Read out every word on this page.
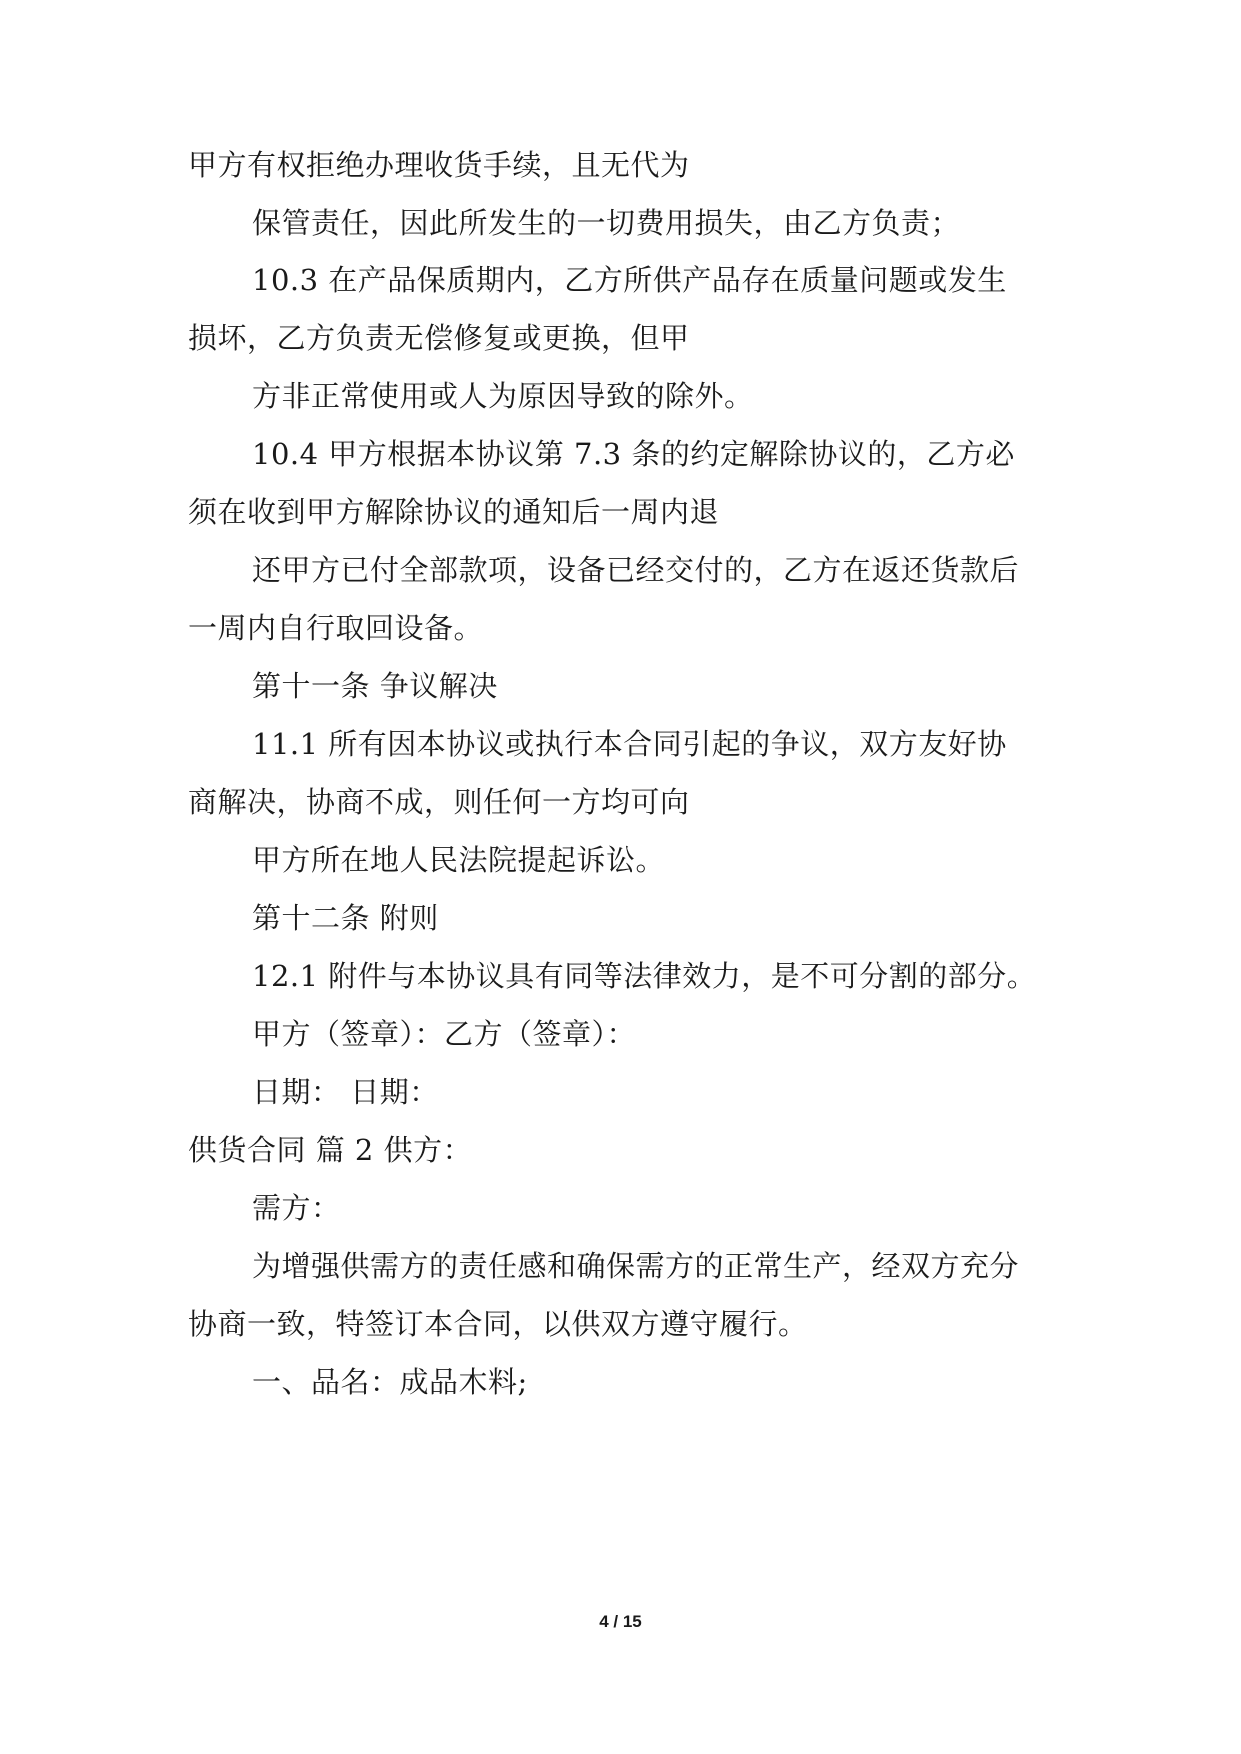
甲方有权拒绝办理收货手续，且无代为
保管责任，因此所发生的一切费用损失，由乙方负责；
10.3 在产品保质期内，乙方所供产品存在质量问题或发生
损坏，乙方负责无偿修复或更换，但甲
方非正常使用或人为原因导致的除外。
10.4 甲方根据本协议第 7.3 条的约定解除协议的，乙方必
须在收到甲方解除协议的通知后一周内退
还甲方已付全部款项，设备已经交付的，乙方在返还货款后
一周内自行取回设备。
第十一条 争议解决
11.1 所有因本协议或执行本合同引起的争议，双方友好协
商解决，协商不成，则任何一方均可向
甲方所在地人民法院提起诉讼。
第十二条 附则
12.1 附件与本协议具有同等法律效力，是不可分割的部分。
甲方（签章）：乙方（签章）：
日期： 日期：
供货合同 篇 2 供方：
需方：
为增强供需方的责任感和确保需方的正常生产，经双方充分
协商一致，特签订本合同，以供双方遵守履行。
一、品名：成品木料;
4 / 15
